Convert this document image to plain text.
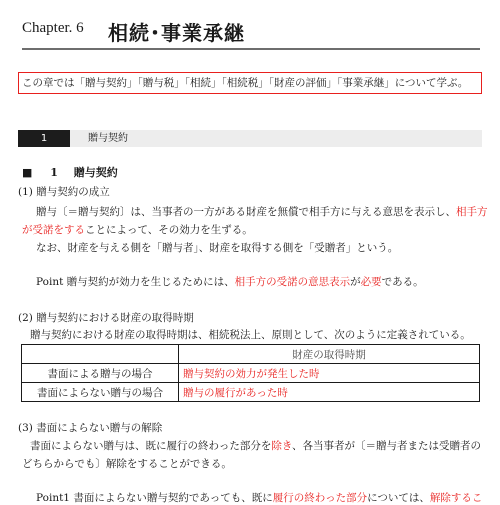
Chapter. 6 相続･事業承継
この章では「贈与契約」「贈与税」「相続」「相続税」「財産の評価」「事業承継」について学ぶ。
1	贈与契約
■ 1 贈与契約
(1) 贈与契約の成立
贈与〔＝贈与契約〕は、当事者の一方がある財産を無償で相手方に与える意思を表示し、相手方
が受諾をすることによって、その効力を生ずる。
なお、財産を与える側を「贈与者」、財産を取得する側を「受贈者」という。
Point 贈与契約が効力を生じるためには、相手方の受諾の意思表示が必要である。
(2) 贈与契約における財産の取得時期
贈与契約における財産の取得時期は、相続税法上、原則として、次のように定義されている。
	財産の取得時期
書面による贈与の場合	贈与契約の効力が発生した時
書面によらない贈与の場合	贈与の履行があった時
(3) 書面によらない贈与の解除
書面によらない贈与は、既に履行の終わった部分を除き、各当事者が〔＝贈与者または受贈者の
どちらからでも〕解除をすることができる。
Point1 書面によらない贈与契約であっても、既に履行の終わった部分については、解除するこ
